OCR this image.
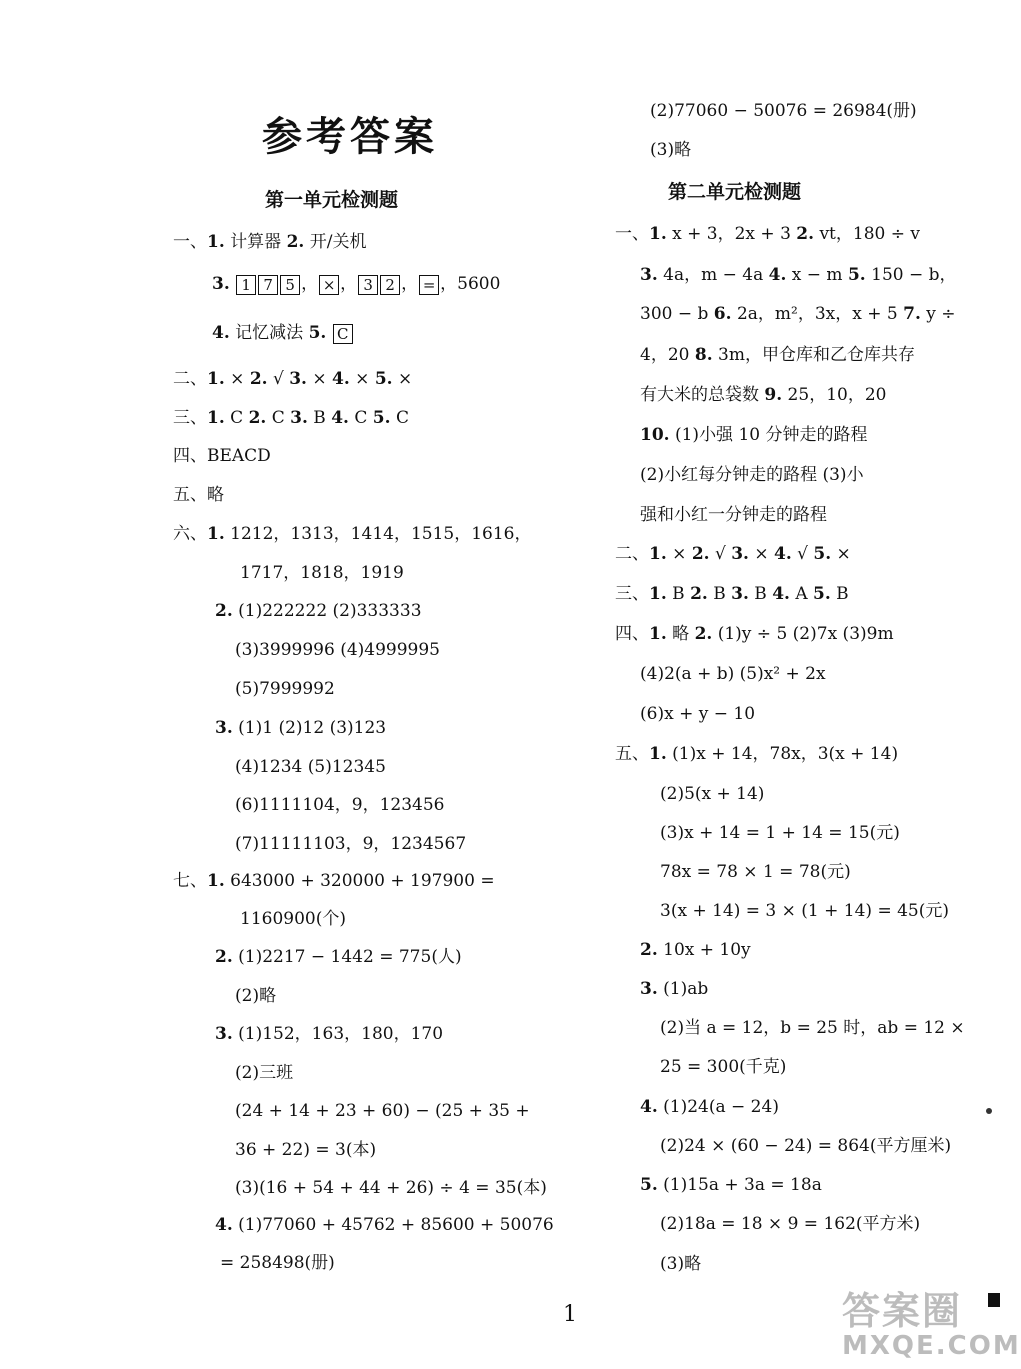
参考答案
第一单元检测题	第二单元检测题
一、1. 计算器 2. 开/关机
3. 1 7 5 ， × ， 3 2 ， = ，5600
4. 记忆减法 5. C
二、1. × 2. √ 3. × 4. × 5. ×
三、1. C 2. C 3. B 4. C 5. C
四、BEACD
五、略
六、1. 1212，1313，1414，1515，1616，
1717，1818，1919
2. (1)222222 (2)333333
(3)3999996 (4)4999995
(5)7999992
3. (1)1 (2)12 (3)123
(4)1234 (5)12345
(6)1111104，9，123456
(7)11111103，9，1234567
七、1. 643000 + 320000 + 197900 =
1160900(个)
2. (1)2217 − 1442 = 775(人)
(2)略
3. (1)152，163，180，170
(2)三班
(24 + 14 + 23 + 60) − (25 + 35 +
36 + 22) = 3(本)
(3)(16 + 54 + 44 + 26) ÷ 4 = 35(本)
4. (1)77060 + 45762 + 85600 + 50076
= 258498(册)
一、1. x + 3，2x + 3 2. vt，180 ÷ v
3. 4a，m − 4a 4. x − m 5. 150 − b，
300 − b 6. 2a，m²，3x，x + 5 7. y ÷
4，20 8. 3m，甲仓库和乙仓库共存
有大米的总袋数 9. 25，10，20
10. (1)小强 10 分钟走的路程
(2)小红每分钟走的路程 (3)小
强和小红一分钟走的路程
二、1. × 2. √ 3. × 4. √ 5. ×
三、1. B 2. B 3. B 4. A 5. B
四、1. 略 2. (1)y ÷ 5 (2)7x (3)9m
(4)2(a + b) (5)x² + 2x
(6)x + y − 10
五、1. (1)x + 14，78x，3(x + 14)
(2)5(x + 14)
(3)x + 14 = 1 + 14 = 15(元)
78x = 78 × 1 = 78(元)
3(x + 14) = 3 × (1 + 14) = 45(元)
2. 10x + 10y
3. (1)ab
(2)当 a = 12，b = 25 时，ab = 12 ×
25 = 300(千克)
4. (1)24(a − 24)
(2)24 × (60 − 24) = 864(平方厘米)
5. (1)15a + 3a = 18a
(2)18a = 18 × 9 = 162(平方米)
(3)略
(2)77060 − 50076 = 26984(册)
(3)略
1	答案圈
MXQE.COM
